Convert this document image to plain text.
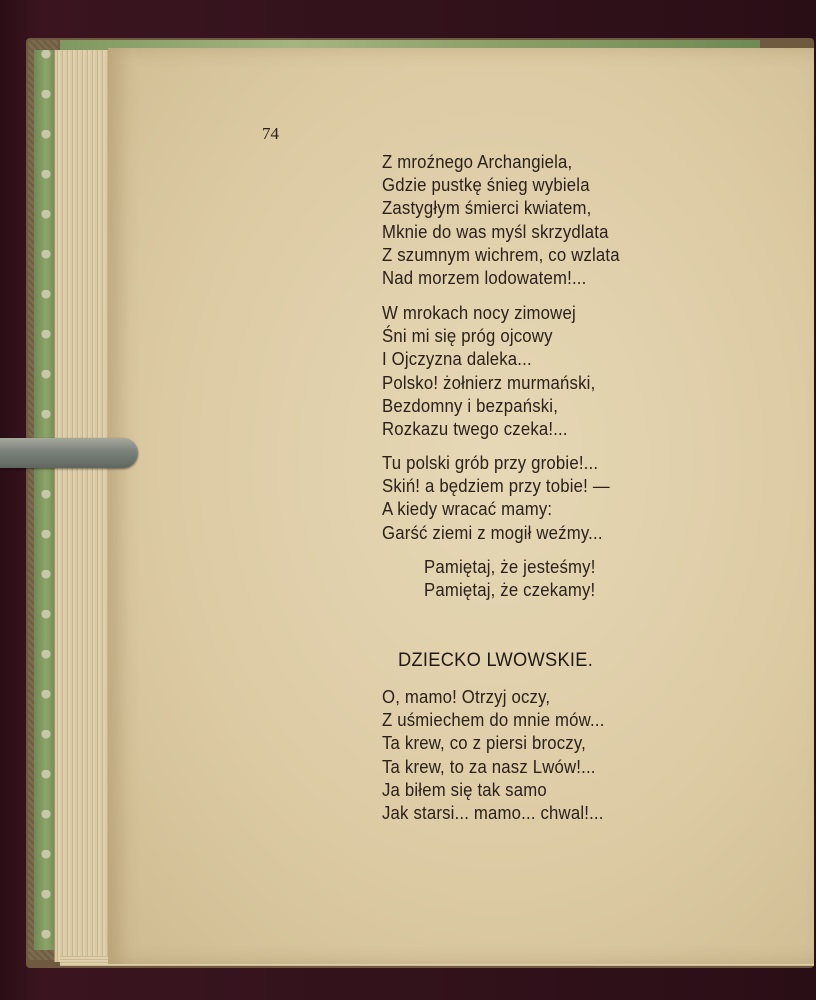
74
Z mroźnego Archangiela,
Gdzie pustkę śnieg wybiela
Zastygłym śmierci kwiatem,
Mknie do was myśl skrzydlata
Z szumnym wichrem, co wzlata
Nad morzem lodowatem!...
W mrokach nocy zimowej
Śni mi się próg ojcowy
I Ojczyzna daleka...
Polsko! żołnierz murmański,
Bezdomny i bezpański,
Rozkazu twego czeka!...
Tu polski grób przy grobie!...
Skiń! a będziem przy tobie! —
A kiedy wracać mamy:
Garść ziemi z mogił weźmy...
Pamiętaj, że jesteśmy!
Pamiętaj, że czekamy!
DZIECKO LWOWSKIE.
O, mamo! Otrzyj oczy,
Z uśmiechem do mnie mów...
Ta krew, co z piersi broczy,
Ta krew, to za nasz Lwów!...
Ja biłem się tak samo
Jak starsi... mamo... chwal!...
